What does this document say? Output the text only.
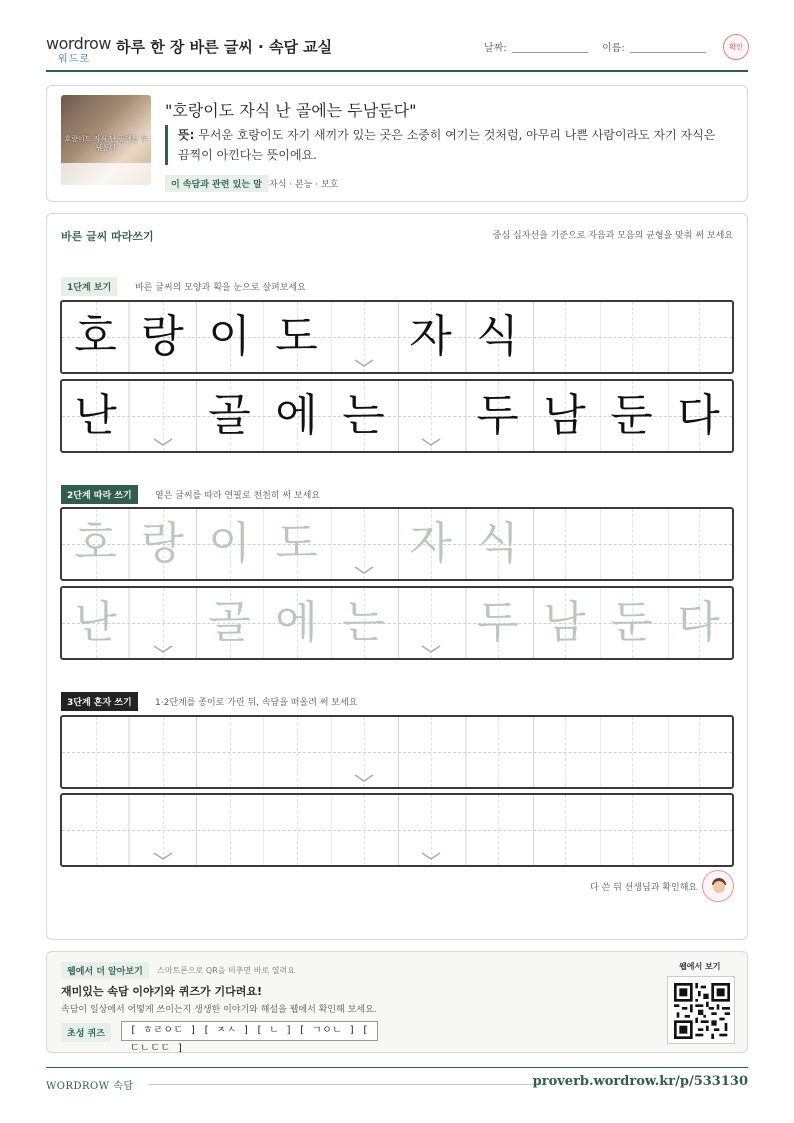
wordrow
워드로
하루 한 장 바른 글씨 · 속담 교실	날짜:	이름:	확인
호랑이도 자식 난 골에는 두남둔다
"호랑이도 자식 난 골에는 두남둔다"
뜻: 무서운 호랑이도 자기 새끼가 있는 곳은 소중히 여기는 것처럼, 아무리 나쁜 사람이라도 자기 자식은 끔찍이 아낀다는 뜻이에요.
이 속담과 관련 있는 말 자식 · 본능 · 보호
바른 글씨 따라쓰기	중심 십자선을 기준으로 자음과 모음의 균형을 맞춰 써 보세요
1단계 보기	바른 글씨의 모양과 획을 눈으로 살펴보세요
2단계 따라 쓰기	옅은 글씨를 따라 연필로 천천히 써 보세요
3단계 혼자 쓰기	1·2단계를 종이로 가린 뒤, 속담을 떠올려 써 보세요
호 랑 이 도 자 식
난 골 에 는 두 남 둔 다
호 랑 이 도 자 식
난 골 에 는 두 남 둔 다
다 쓴 뒤 선생님과 확인해요
웹에서 더 알아보기	스마트폰으로 QR을 비추면 바로 열려요
재미있는 속담 이야기와 퀴즈가 기다려요!
속담이 일상에서 어떻게 쓰이는지 생생한 이야기와 해설을 웹에서 확인해 보세요.
초성 퀴즈	[ ㅎㄹㅇㄷ ] [ ㅈㅅ ] [ ㄴ ] [ ㄱㅇㄴ ] [ ㄷㄴㄷㄷ ]
웹에서 보기
WORDROW 속담	proverb.wordrow.kr/p/533130
